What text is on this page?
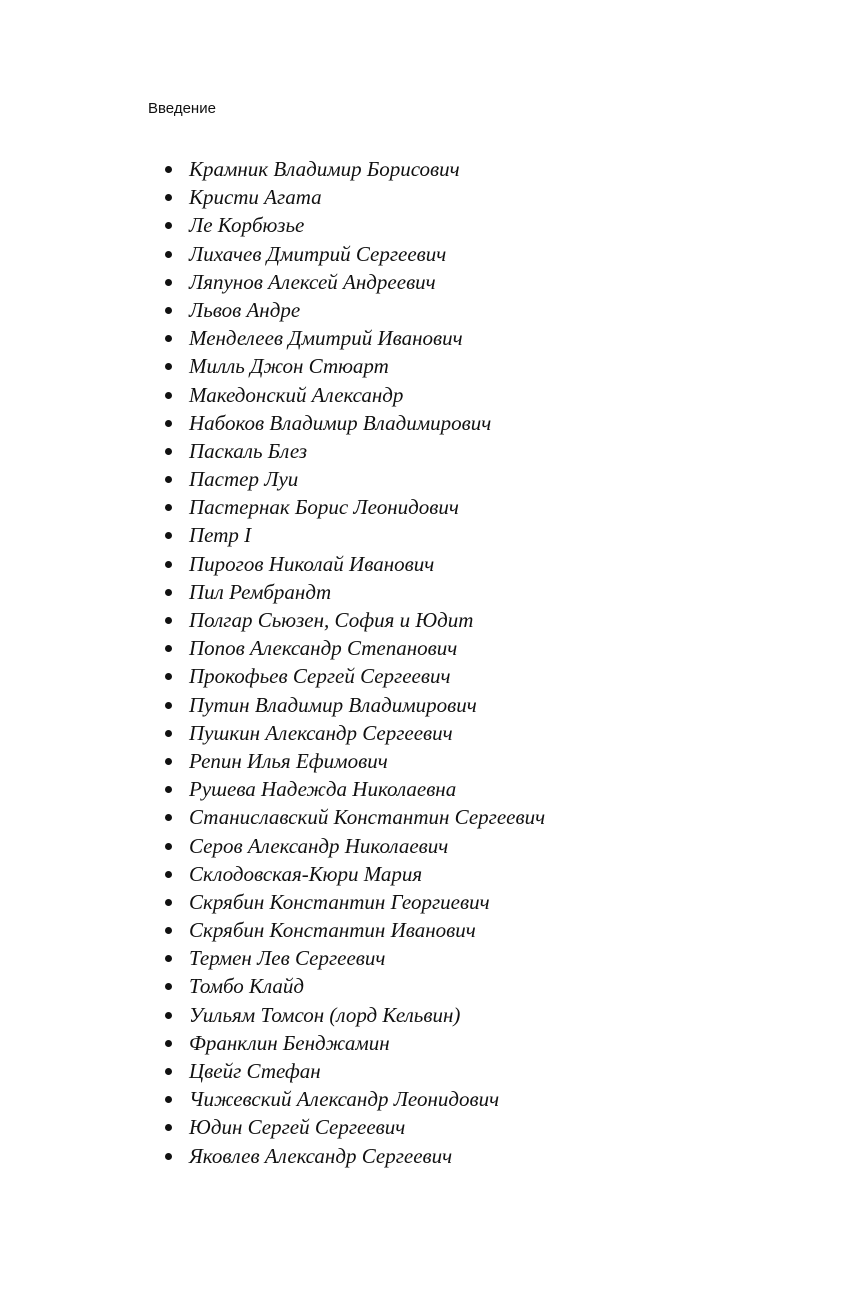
Введение
Крамник Владимир Борисович
Кристи Агата
Ле Корбюзье
Лихачев Дмитрий Сергеевич
Ляпунов Алексей Андреевич
Львов Андре
Менделеев Дмитрий Иванович
Милль Джон Стюарт
Македонский Александр
Набоков Владимир Владимирович
Паскаль Блез
Пастер Луи
Пастернак Борис Леонидович
Петр I
Пирогов Николай Иванович
Пил Рембрандт
Полгар Сьюзен, София и Юдит
Попов Александр Степанович
Прокофьев Сергей Сергеевич
Путин Владимир Владимирович
Пушкин Александр Сергеевич
Репин Илья Ефимович
Рушева Надежда Николаевна
Станиславский Константин Сергеевич
Серов Александр Николаевич
Склодовская-Кюри Мария
Скрябин Константин Георгиевич
Скрябин Константин Иванович
Термен Лев Сергеевич
Томбо Клайд
Уильям Томсон (лорд Кельвин)
Франклин Бенджамин
Цвейг Стефан
Чижевский Александр Леонидович
Юдин Сергей Сергеевич
Яковлев Александр Сергеевич
